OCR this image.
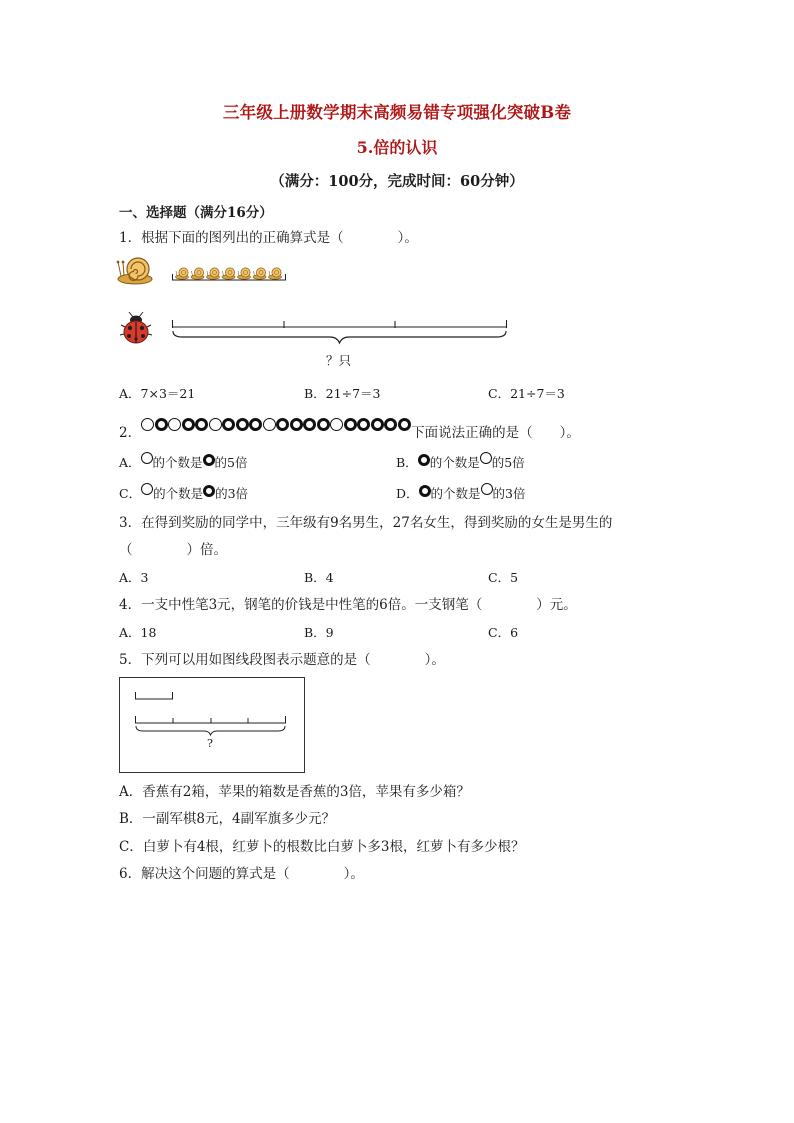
三年级上册数学期末高频易错专项强化突破B卷
5.倍的认识
（满分：100分，完成时间：60分钟）
一、选择题（满分16分）
1．根据下面的图列出的正确算式是（　　　　）。
？只
A．7×3＝21	B．21÷7＝3	C．21÷7＝3
2．	下面说法正确的是（　　）。
A． 的个数是 的5倍	B． 的个数是 的5倍
C． 的个数是 的3倍	D． 的个数是 的3倍
3．在得到奖励的同学中，三年级有9名男生，27名女生，得到奖励的女生是男生的
（　　　　）倍。
A．3	B．4	C．5
4．一支中性笔3元，钢笔的价钱是中性笔的6倍。一支钢笔（　　　　）元。
A．18	B．9	C．6
5．下列可以用如图线段图表示题意的是（　　　　）。
?
A．香蕉有2箱，苹果的箱数是香蕉的3倍，苹果有多少箱？
B．一副军棋8元，4副军旗多少元？
C．白萝卜有4根，红萝卜的根数比白萝卜多3根，红萝卜有多少根？
6．解决这个问题的算式是（　　　　）。
